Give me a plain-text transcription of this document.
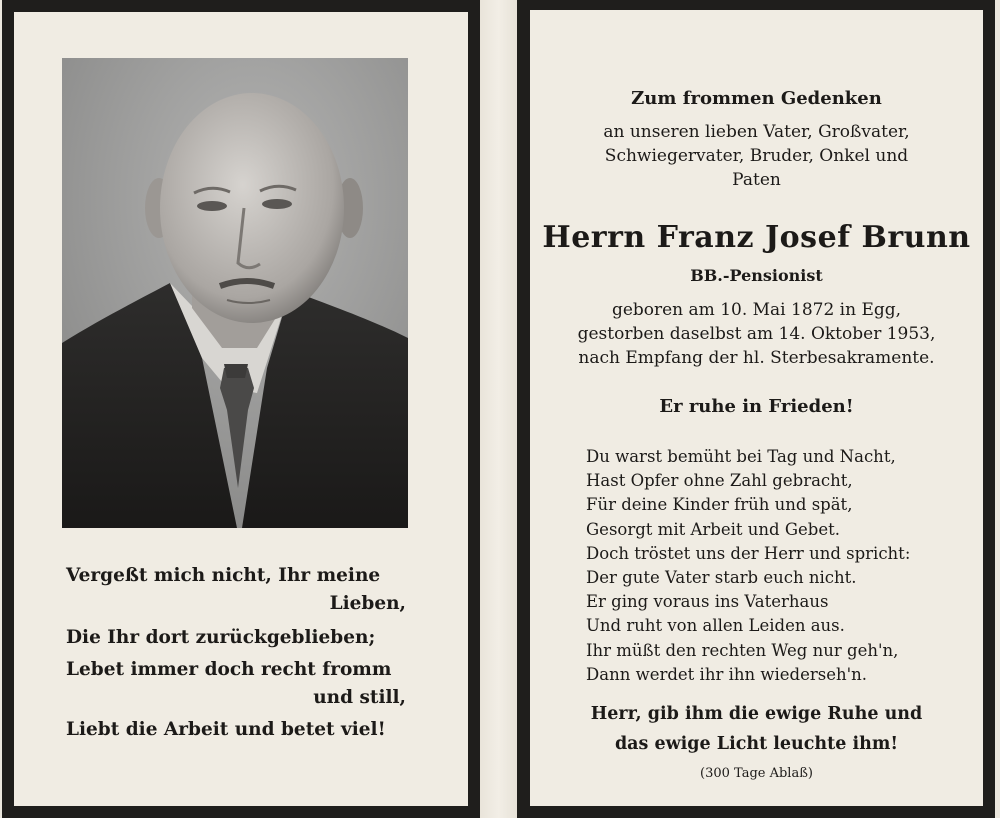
Vergeßt mich nicht, Ihr meine
Lieben,
Die Ihr dort zurückgeblieben;
Lebet immer doch recht fromm
und still,
Liebt die Arbeit und betet viel!
Zum frommen Gedenken
an unseren lieben Vater, Großvater,
Schwiegervater, Bruder, Onkel und
Paten
Herrn Franz Josef Brunn
BB.-Pensionist
geboren am 10. Mai 1872 in Egg,
gestorben daselbst am 14. Oktober 1953,
nach Empfang der hl. Sterbesakramente.
Er ruhe in Frieden!
Du warst bemüht bei Tag und Nacht,
Hast Opfer ohne Zahl gebracht,
Für deine Kinder früh und spät,
Gesorgt mit Arbeit und Gebet.
Doch tröstet uns der Herr und spricht:
Der gute Vater starb euch nicht.
Er ging voraus ins Vaterhaus
Und ruht von allen Leiden aus.
Ihr müßt den rechten Weg nur geh'n,
Dann werdet ihr ihn wiederseh'n.
Herr, gib ihm die ewige Ruhe und
das ewige Licht leuchte ihm!
(300 Tage Ablaß)
